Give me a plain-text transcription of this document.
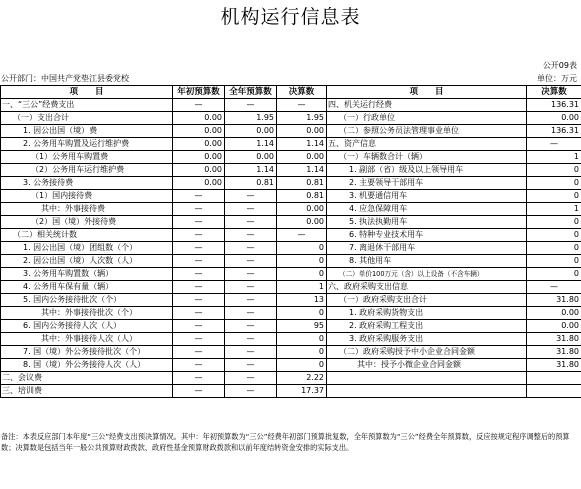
机构运行信息表
公开09表
公开部门：中国共产党垫江县委党校	单位：万元
项　　目	年初预算数	全年预算数	决算数	项　　目	决算数
一、“三公”经费支出	—	—	—	四、机关运行经费	136.31
（一）支出合计	0.00	1.95	1.95	（一）行政单位	0.00
1. 因公出国（境）费	0.00	0.00	0.00	（二）参照公务员法管理事业单位	136.31
2. 公务用车购置及运行维护费	0.00	1.14	1.14	五、资产信息	—
（1）公务用车购置费	0.00	0.00	0.00	（一）车辆数合计（辆）	1
（2）公务用车运行维护费	0.00	1.14	1.14	1. 副部（省）级及以上领导用车	0
3. 公务接待费	0.00	0.81	0.81	2. 主要领导干部用车	0
（1）国内接待费	—	—	0.81	3. 机要通信用车	0
其中：外事接待费	—	—	0.00	4. 应急保障用车	1
（2）国（境）外接待费	—	—	0.00	5. 执法执勤用车	0
（二）相关统计数	—	—	—	6. 特种专业技术用车	0
1. 因公出国（境）团组数（个）	—	—	0	7. 离退休干部用车	0
2. 因公出国（境）人次数（人）	—	—	0	8. 其他用车	0
3. 公务用车购置数（辆）	—	—	0	（二）单价100万元（含）以上设备（不含车辆）	0
4. 公务用车保有量（辆）	—	—	1	六、政府采购支出信息	—
5. 国内公务接待批次（个）	—	—	13	（一）政府采购支出合计	31.80
其中：外事接待批次（个）	—	—	0	1. 政府采购货物支出	0.00
6. 国内公务接待人次（人）	—	—	95	2. 政府采购工程支出	0.00
其中：外事接待人次（人）	—	—	0	3. 政府采购服务支出	31.80
7. 国（境）外公务接待批次（个）	—	—	0	（二）政府采购授予中小企业合同金额	31.80
8. 国（境）外公务接待人次（人）	—	—	0	其中：授予小微企业合同金额	31.80
二、会议费	—	—	2.22		
三、培训费	—	—	17.37		
备注：本表反应部门本年度“三公”经费支出预决算情况。其中：年初预算数为“三公”经费年初部门预算批复数，全年预算数为“三公”经费全年预算数，反应按规定程序调整后的预算数；决算数是包括当年一般公共预算财政拨款、政府性基金预算财政拨款和以前年度结转资金安排的实际支出。
